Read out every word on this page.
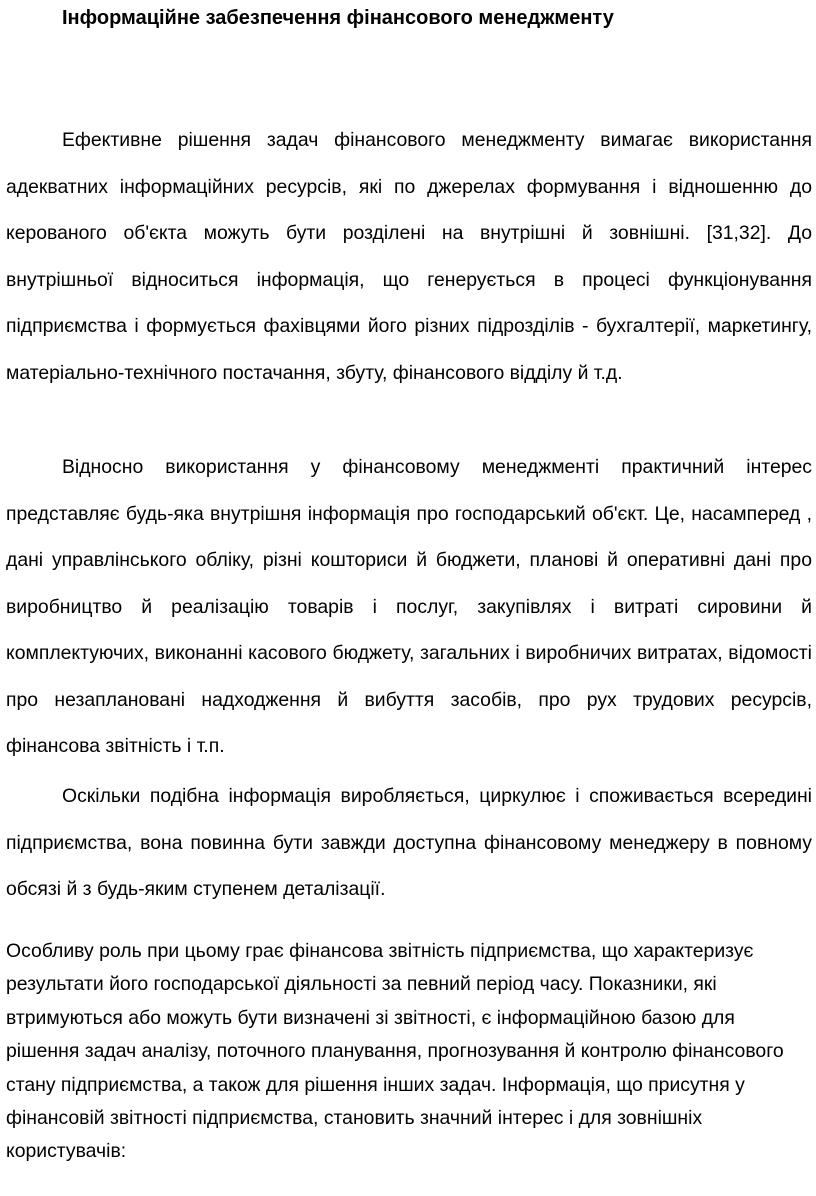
Інформаційне забезпечення фінансового менеджменту

Ефективне рішення задач фінансового менеджменту вимагає використання адекватних інформаційних ресурсів, які по джерелах формування і відношенню до керованого об'єкта можуть бути розділені на внутрішні й зовнішні. [31,32]. До внутрішньої відноситься інформація, що генерується в процесі функціонування підприємства і формується фахівцями його різних підрозділів - бухгалтерії, маркетингу, матеріально-технічного постачання, збуту, фінансового відділу й т.д.

Відносно використання у фінансовому менеджменті практичний інтерес представляє будь-яка внутрішня інформація про господарський об'єкт. Це, насамперед , дані управлінського обліку, різні кошториси й бюджети, планові й оперативні дані про виробництво й реалізацію товарів і послуг, закупівлях і витраті сировини й комплектуючих, виконанні касового бюджету, загальних і виробничих витратах, відомості про незаплановані надходження й вибуття засобів, про рух трудових ресурсів, фінансова звітність і т.п.

Оскільки подібна інформація виробляється, циркулює і споживається всередині підприємства, вона повинна бути завжди доступна фінансовому менеджеру в повному обсязі й з будь-яким ступенем деталізації.

Особливу роль при цьому грає фінансова звітність підприємства, що характеризує результати його господарської діяльності за певний період часу. Показники, які втримуються або можуть бути визначені зі звітності, є інформаційною базою для рішення задач аналізу, поточного планування, прогнозування й контролю фінансового стану підприємства, а також для рішення інших задач. Інформація, що присутня у фінансовій звітності підприємства, становить значний інтерес і для зовнішніх користувачів:
